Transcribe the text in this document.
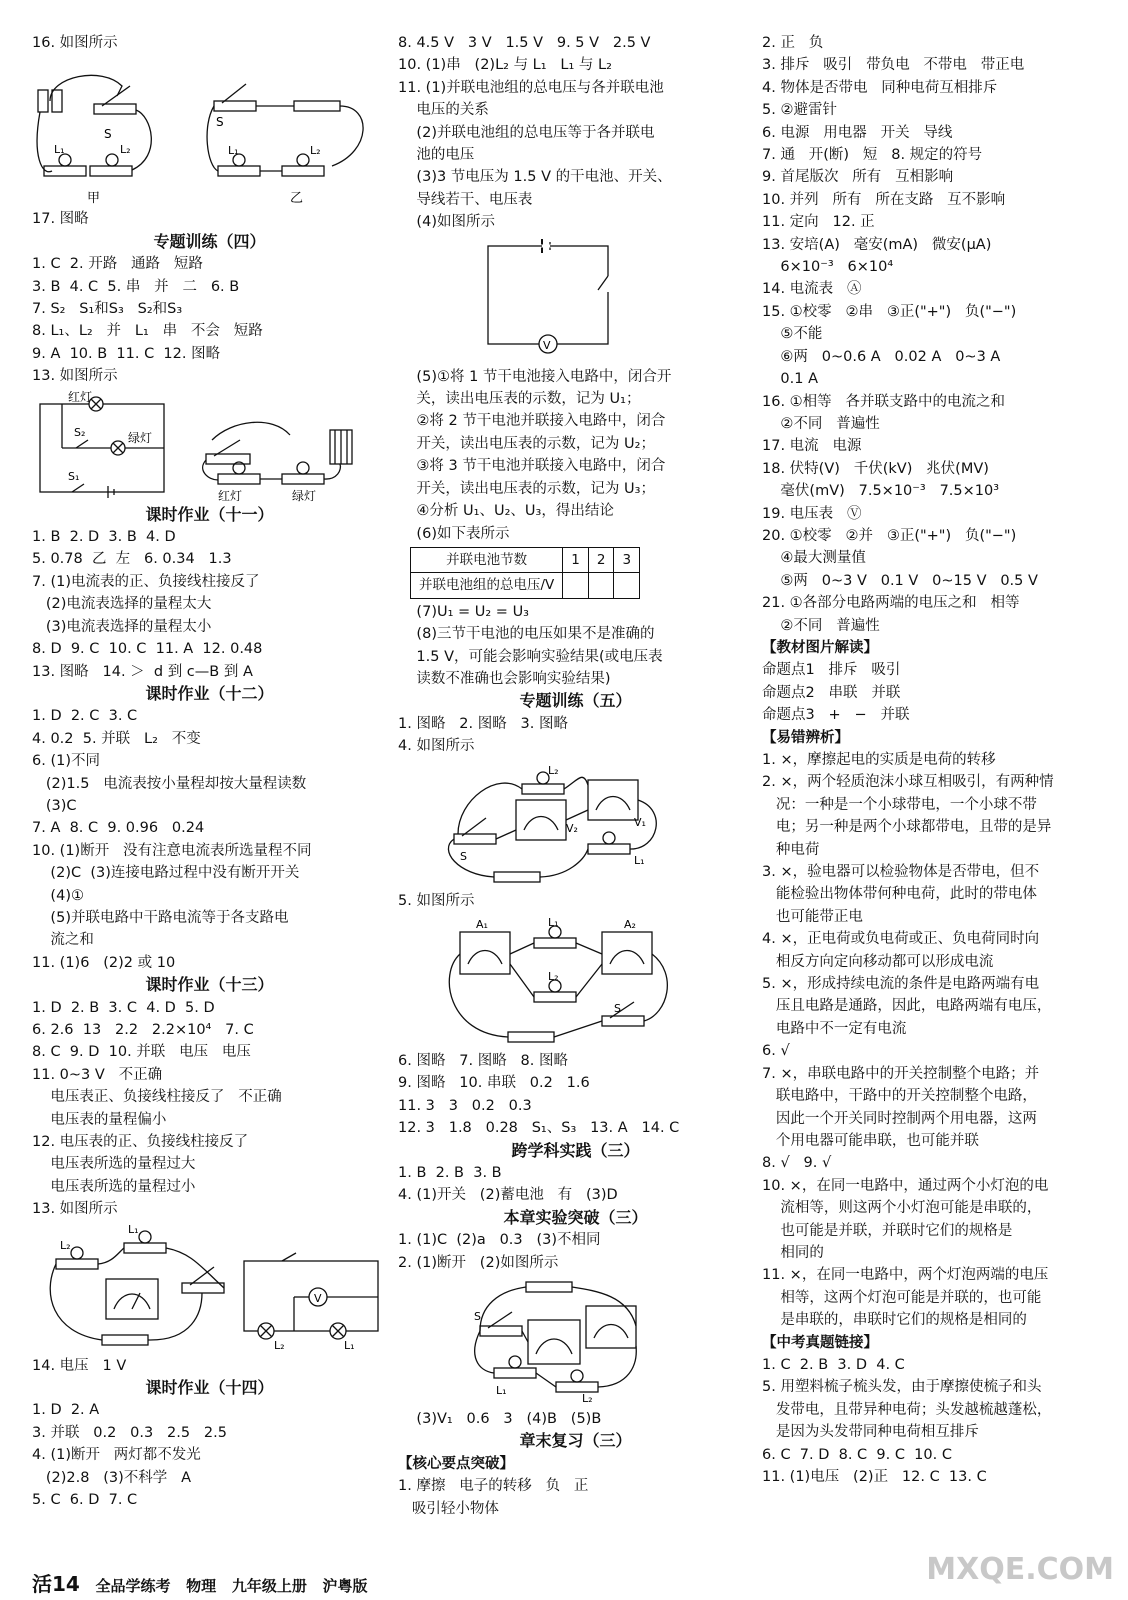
16. 如图所示
S
L₁	L₂
S
L₁	L₂
甲	乙
17. 图略
专题训练（四）
1. C  2. 开路   通路   短路
3. B  4. C  5. 串   并   二   6. B
7. S₂   S₁和S₃   S₂和S₃
8. L₁、L₂   并   L₁   串   不会   短路
9. A  10. B  11. C  12. 图略
13. 如图所示
红灯
绿灯
S₂
S₁
红灯	绿灯
课时作业（十一）
1. B  2. D  3. B  4. D
5. 0.78  乙  左   6. 0.34   1.3
7. (1)电流表的正、负接线柱接反了
(2)电流表选择的量程太大
(3)电流表选择的量程太小
8. D  9. C  10. C  11. A  12. 0.48
13. 图略   14. ＞  d 到 c—B 到 A
课时作业（十二）
1. D  2. C  3. C
4. 0.2  5. 并联   L₂   不变
6. (1)不同
(2)1.5   电流表按小量程却按大量程读数
(3)C
7. A  8. C  9. 0.96   0.24
10. (1)断开   没有注意电流表所选量程不同
(2)C  (3)连接电路过程中没有断开开关
(4)①
(5)并联电路中干路电流等于各支路电
流之和
11. (1)6   (2)2 或 10
课时作业（十三）
1. D  2. B  3. C  4. D  5. D
6. 2.6  13   2.2   2.2×10⁴   7. C
8. C  9. D  10. 并联   电压   电压
11. 0~3 V   不正确
电压表正、负接线柱接反了   不正确
电压表的量程偏小
12. 电压表的正、负接线柱接反了
电压表所选的量程过大
电压表所选的量程过小
13. 如图所示
V
L₂	L₁
L₂
L₁
14. 电压   1 V
课时作业（十四）
1. D  2. A
3. 并联   0.2   0.3   2.5   2.5
4. (1)断开   两灯都不发光
(2)2.8   (3)不科学   A
5. C  6. D  7. C
8. 4.5 V   3 V   1.5 V   9. 5 V   2.5 V
10. (1)串   (2)L₂ 与 L₁   L₁ 与 L₂
11. (1)并联电池组的总电压与各并联电池
电压的关系
(2)并联电池组的总电压等于各并联电
池的电压
(3)3 节电压为 1.5 V 的干电池、开关、
导线若干、电压表
(4)如图所示
V
(5)①将 1 节干电池接入电路中，闭合开
关，读出电压表的示数，记为 U₁；
②将 2 节干电池并联接入电路中，闭合
开关，读出电压表的示数，记为 U₂；
③将 3 节干电池并联接入电路中，闭合
开关，读出电压表的示数，记为 U₃；
④分析 U₁、U₂、U₃，得出结论
(6)如下表所示
并联电池节数	1	2	3
并联电池组的总电压/V			
(7)U₁ = U₂ = U₃
(8)三节干电池的电压如果不是准确的
1.5 V，可能会影响实验结果(或电压表
读数不准确也会影响实验结果)
专题训练（五）
1. 图略   2. 图略   3. 图略
4. 如图所示
L₂
V₂	V₁
S	L₁
5. 如图所示
A₁	L₁
L₂
A₂
S
6. 图略   7. 图略   8. 图略
9. 图略   10. 串联   0.2   1.6
11. 3   3   0.2   0.3
12. 3   1.8   0.28   S₁、S₃   13. A   14. C
跨学科实践（三）
1. B  2. B  3. B
4. (1)开关   (2)蓄电池   有   (3)D
本章实验突破（三）
1. (1)C  (2)a   0.3   (3)不相同
2. (1)断开   (2)如图所示
S
L₁
L₂
(3)V₁   0.6   3   (4)B   (5)B
章末复习（三）
【核心要点突破】
1. 摩擦   电子的转移   负   正
吸引轻小物体
2. 正   负
3. 排斥   吸引   带负电   不带电   带正电
4. 物体是否带电   同种电荷互相排斥
5. ②避雷针
6. 电源   用电器   开关   导线
7. 通   开(断)   短   8. 规定的符号
9. 首尾版次   所有   互相影响
10. 并列   所有   所在支路   互不影响
11. 定向   12. 正
13. 安培(A)   毫安(mA)   微安(μA)
6×10⁻³   6×10⁴
14. 电流表   Ⓐ
15. ①校零   ②串   ③正("+")   负("−")
⑤不能
⑥两   0~0.6 A   0.02 A   0~3 A
0.1 A
16. ①相等   各并联支路中的电流之和
②不同   普遍性
17. 电流   电源
18. 伏特(V)   千伏(kV)   兆伏(MV)
毫伏(mV)   7.5×10⁻³   7.5×10³
19. 电压表   Ⓥ
20. ①校零   ②并   ③正("+")   负("−")
④最大测量值
⑤两   0~3 V   0.1 V   0~15 V   0.5 V
21. ①各部分电路两端的电压之和   相等
②不同   普遍性
【教材图片解读】
命题点1   排斥   吸引
命题点2   串联   并联
命题点3   +   −   并联
【易错辨析】
1. ×，摩擦起电的实质是电荷的转移
2. ×，两个轻质泡沫小球互相吸引，有两种情
况：一种是一个小球带电，一个小球不带
电；另一种是两个小球都带电，且带的是异
种电荷
3. ×，验电器可以检验物体是否带电，但不
能检验出物体带何种电荷，此时的带电体
也可能带正电
4. ×，正电荷或负电荷或正、负电荷同时向
相反方向定向移动都可以形成电流
5. ×，形成持续电流的条件是电路两端有电
压且电路是通路，因此，电路两端有电压，
电路中不一定有电流
6. √
7. ×，串联电路中的开关控制整个电路；并
联电路中，干路中的开关控制整个电路，
因此一个开关同时控制两个用电器，这两
个用电器可能串联，也可能并联
8. √   9. √
10. ×，在同一电路中，通过两个小灯泡的电
流相等，则这两个小灯泡可能是串联的，
也可能是并联，并联时它们的规格是
相同的
11. ×，在同一电路中，两个灯泡两端的电压
相等，这两个灯泡可能是并联的，也可能
是串联的，串联时它们的规格是相同的
【中考真题链接】
1. C  2. B  3. D  4. C
5. 用塑料梳子梳头发，由于摩擦使梳子和头
发带电，且带异种电荷；头发越梳越蓬松，
是因为头发带同种电荷相互排斥
6. C  7. D  8. C  9. C  10. C
11. (1)电压   (2)正   12. C  13. C
活14   全品学练考   物理   九年级上册   沪粤版	MXQE.COM
